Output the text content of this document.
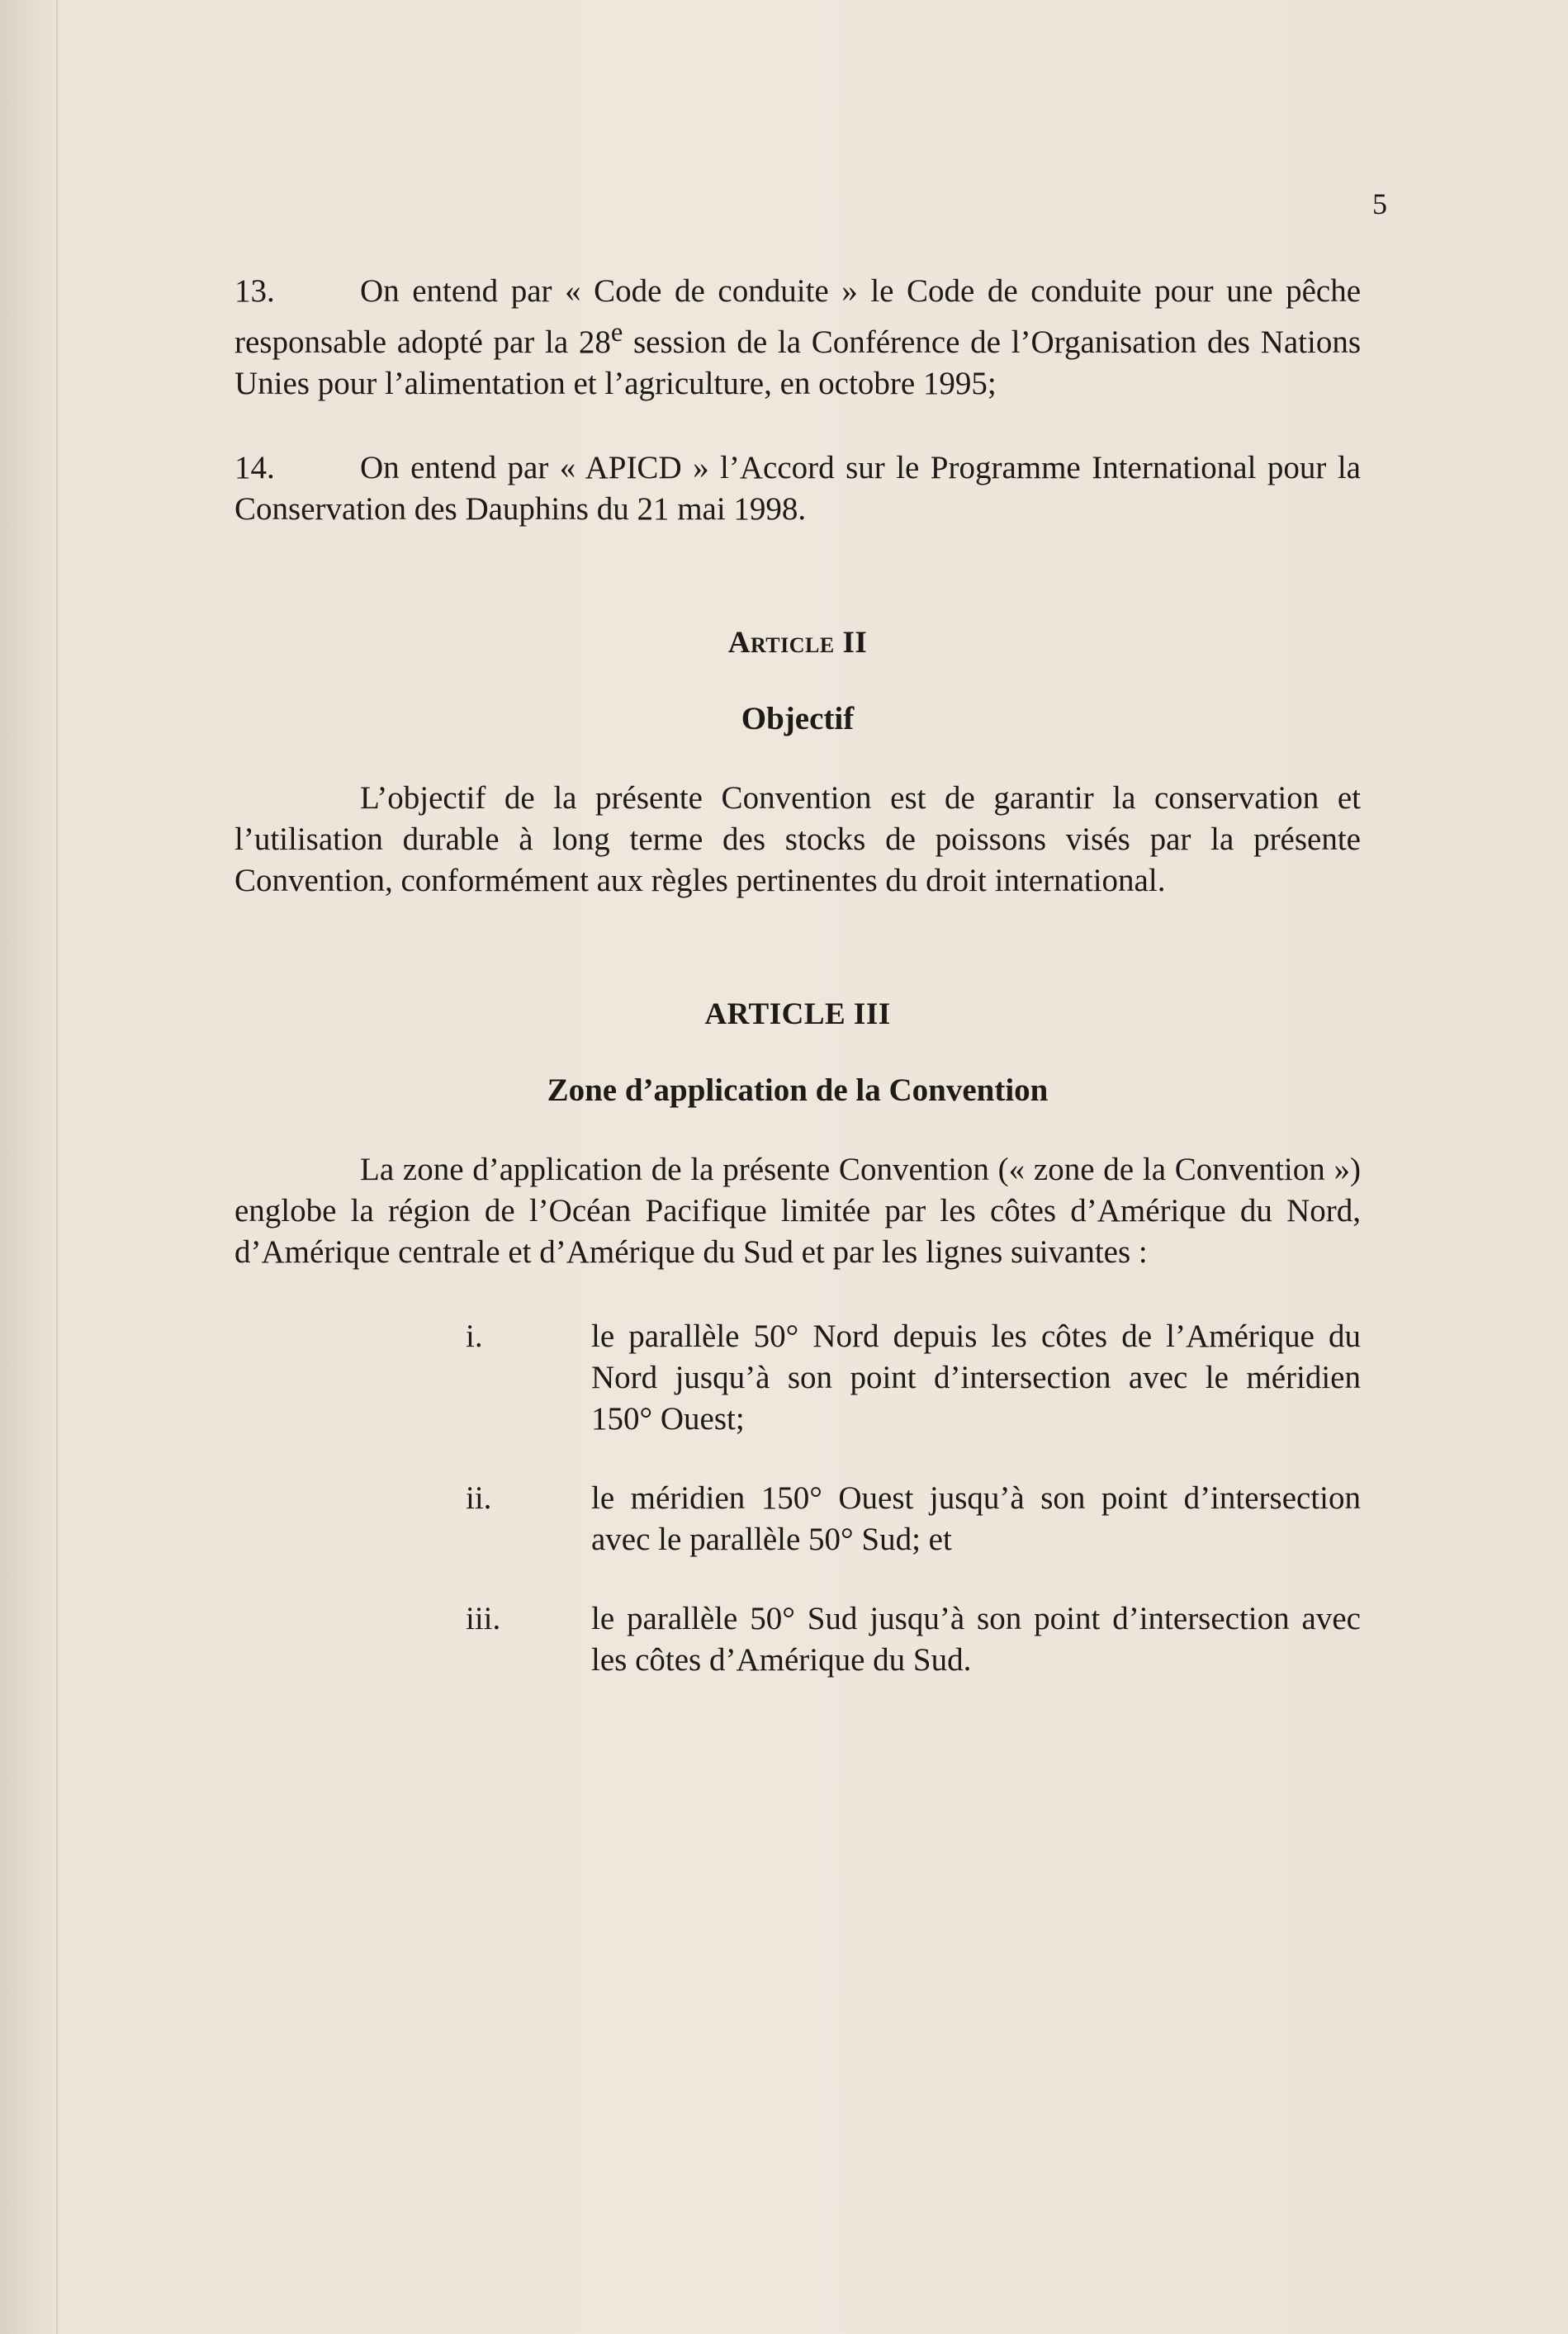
5

13.	On entend par « Code de conduite » le Code de conduite pour une pêche responsable adopté par la 28e session de la Conférence de l’Organisation des Nations Unies pour l’alimentation et l’agriculture, en octobre 1995;

14.	On entend par « APICD » l’Accord sur le Programme International pour la Conservation des Dauphins du 21 mai 1998.

Article II
Objectif

L’objectif de la présente Convention est de garantir la conservation et l’utilisation durable à long terme des stocks de poissons visés par la présente Convention, conformément aux règles pertinentes du droit international.

ARTICLE III
Zone d’application de la Convention

La zone d’application de la présente Convention (« zone de la Convention ») englobe la région de l’Océan Pacifique limitée par les côtes d’Amérique du Nord, d’Amérique centrale et d’Amérique du Sud et par les lignes suivantes :

i.	le parallèle 50° Nord depuis les côtes de l’Amérique du Nord jusqu’à son point d’intersection avec le méridien 150° Ouest;

ii.	le méridien 150° Ouest jusqu’à son point d’intersection avec le parallèle 50° Sud; et

iii.	le parallèle 50° Sud jusqu’à son point d’intersection avec les côtes d’Amérique du Sud.
